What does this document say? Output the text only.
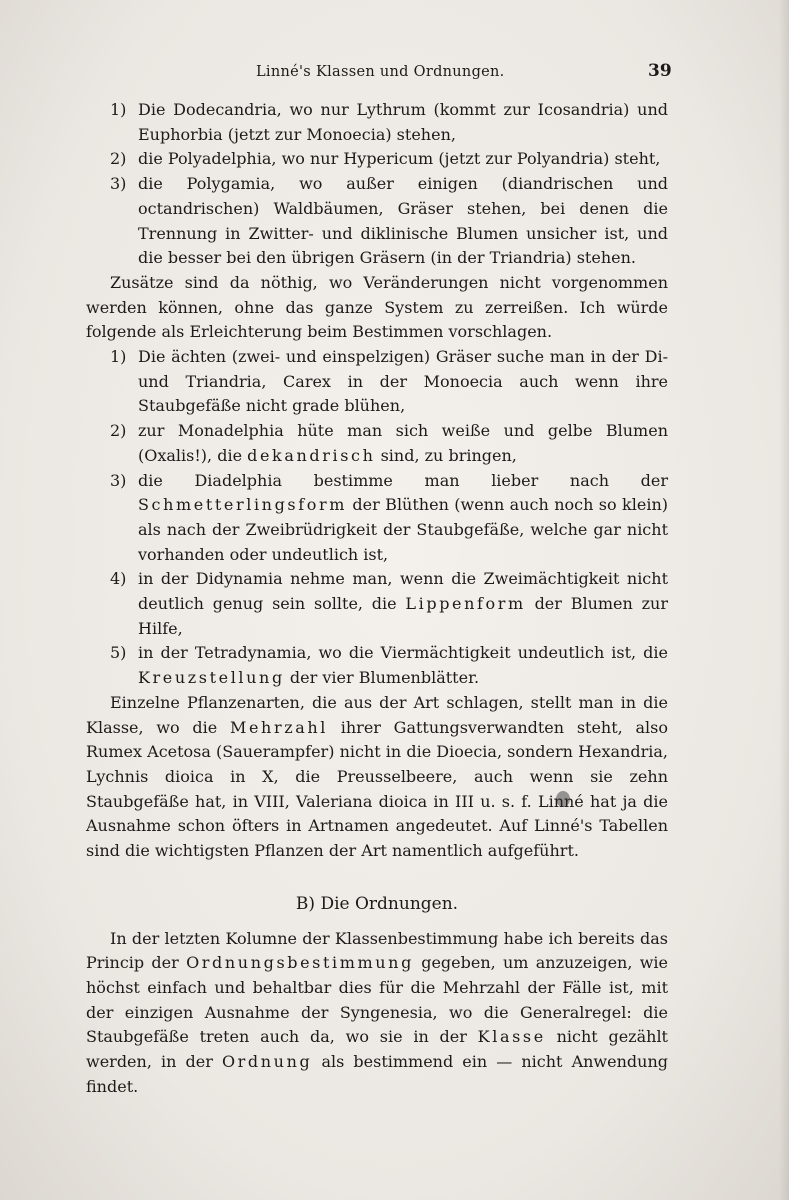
Linné's Klassen und Ordnungen.	39

1) Die Dodecandria, wo nur Lythrum (kommt zur Icosandria) und Euphorbia (jetzt zur Monoecia) stehen,

2) die Polyadelphia, wo nur Hypericum (jetzt zur Polyandria) steht,

3) die Polygamia, wo außer einigen (diandrischen und octandrischen) Waldbäumen, Gräser stehen, bei denen die Trennung in Zwitter- und diklinische Blumen unsicher ist, und die besser bei den übrigen Gräsern (in der Triandria) stehen.

Zusätze sind da nöthig, wo Veränderungen nicht vorgenommen werden können, ohne das ganze System zu zerreißen. Ich würde folgende als Erleichterung beim Bestimmen vorschlagen.

1) Die ächten (zwei- und einspelzigen) Gräser suche man in der Di- und Triandria, Carex in der Monoecia auch wenn ihre Staubgefäße nicht grade blühen,

2) zur Monadelphia hüte man sich weiße und gelbe Blumen (Oxalis!), die dekandrisch sind, zu bringen,

3) die Diadelphia bestimme man lieber nach der Schmetterlingsform der Blüthen (wenn auch noch so klein) als nach der Zweibrüdrigkeit der Staubgefäße, welche gar nicht vorhanden oder undeutlich ist,

4) in der Didynamia nehme man, wenn die Zweimächtigkeit nicht deutlich genug sein sollte, die Lippenform der Blumen zur Hilfe,

5) in der Tetradynamia, wo die Viermächtigkeit undeutlich ist, die Kreuzstellung der vier Blumenblätter.

Einzelne Pflanzenarten, die aus der Art schlagen, stellt man in die Klasse, wo die Mehrzahl ihrer Gattungsverwandten steht, also Rumex Acetosa (Sauerampfer) nicht in die Dioecia, sondern Hexandria, Lychnis dioica in X, die Preusselbeere, auch wenn sie zehn Staubgefäße hat, in VIII, Valeriana dioica in III u. s. f. Linné hat ja die Ausnahme schon öfters in Artnamen angedeutet. Auf Linné's Tabellen sind die wichtigsten Pflanzen der Art namentlich aufgeführt.

B) Die Ordnungen.

In der letzten Kolumne der Klassenbestimmung habe ich bereits das Princip der Ordnungsbestimmung gegeben, um anzuzeigen, wie höchst einfach und behaltbar dies für die Mehrzahl der Fälle ist, mit der einzigen Ausnahme der Syngenesia, wo die Generalregel: die Staubgefäße treten auch da, wo sie in der Klasse nicht gezählt werden, in der Ordnung als bestimmend ein — nicht Anwendung findet.
